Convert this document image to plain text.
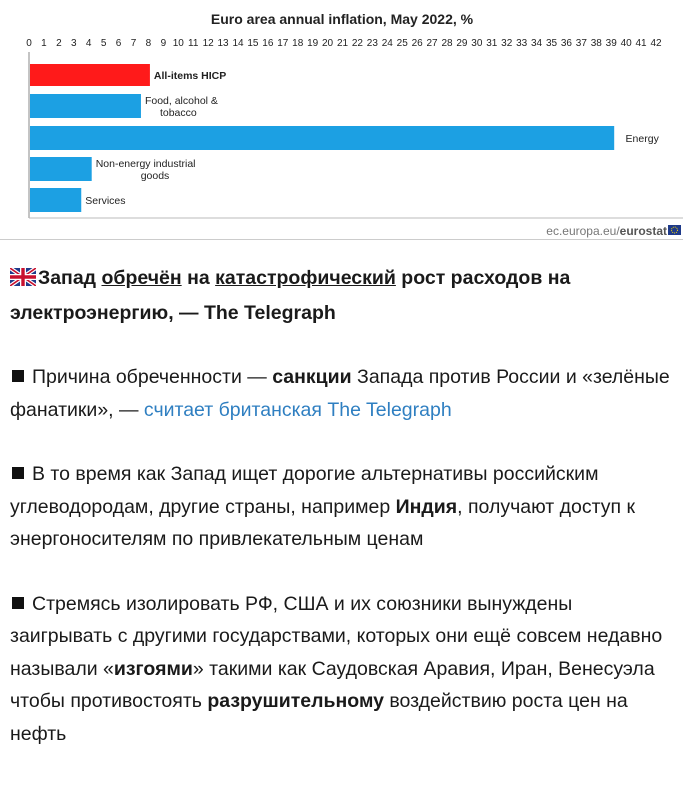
Euro area annual inflation, May 2022, %
0 1 2 3 4 5 6 7 8 9 10 11 12 13 14 15 16 17 18 19 20 21 22 23 24 25 26 27 28 29 30 31 32 33 34 35 36 37 38 39 40 41 42
All-items HICP
Food, alcohol & tobacco
Energy
Non-energy industrial goods
Services
ec.europa.eu/eurostat

Запад обречён на катастрофический рост расходов на электроэнергию, — The Telegraph

Причина обреченности — санкции Запада против России и «зелёные фанатики», — считает британская The Telegraph

В то время как Запад ищет дорогие альтернативы российским углеводородам, другие страны, например Индия, получают доступ к энергоносителям по привлекательным ценам

Стремясь изолировать РФ, США и их союзники вынуждены заигрывать с другими государствами, которых они ещё совсем недавно называли «изгоями» такими как Саудовская Аравия, Иран, Венесуэла чтобы противостоять разрушительному воздействию роста цен на нефть
